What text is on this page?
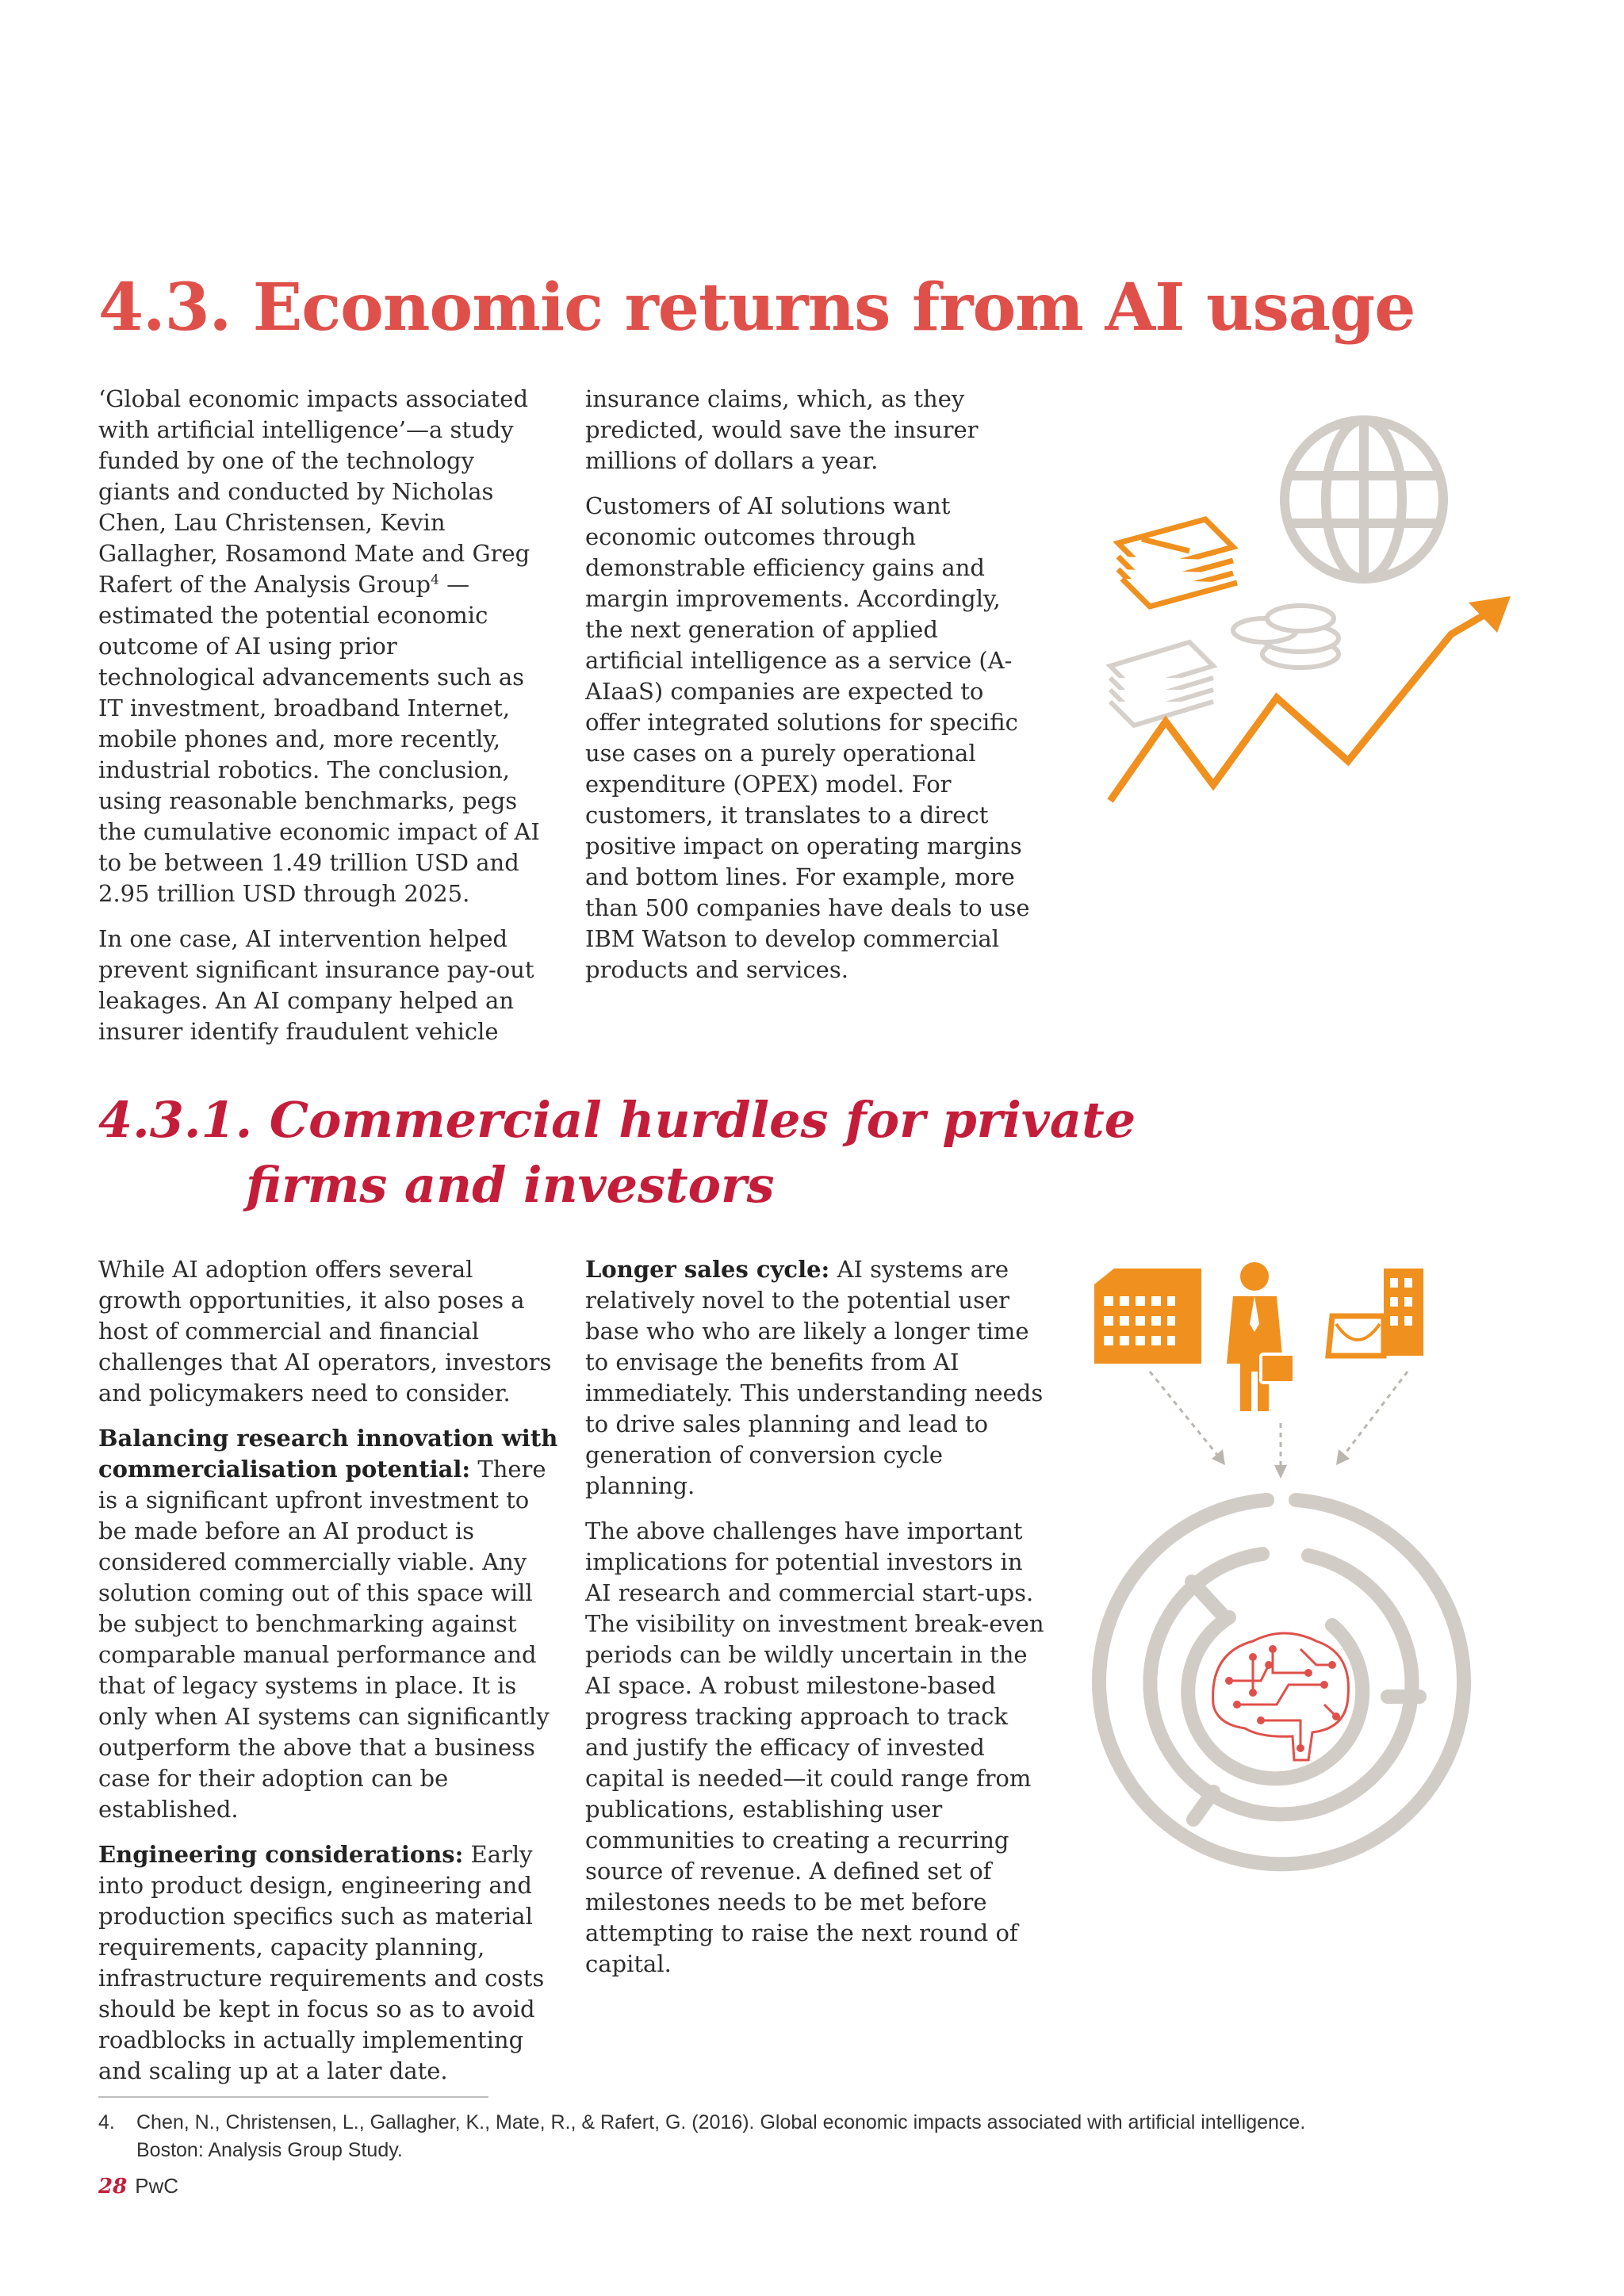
4.3. Economic returns from AI usage

‘Global economic impacts associated with artificial intelligence’—a study funded by one of the technology giants and conducted by Nicholas Chen, Lau Christensen, Kevin Gallagher, Rosamond Mate and Greg Rafert of the Analysis Group$^4$ —estimated the potential economic outcome of AI using prior technological advancements such as IT investment, broadband Internet, mobile phones and, more recently, industrial robotics. The conclusion, using reasonable benchmarks, pegs the cumulative economic impact of AI to be between 1.49 trillion USD and 2.95 trillion USD through 2025.

In one case, AI intervention helped prevent significant insurance pay-out leakages. An AI company helped an insurer identify fraudulent vehicle

insurance claims, which, as they predicted, would save the insurer millions of dollars a year.

Customers of AI solutions want economic outcomes through demonstrable efficiency gains and margin improvements. Accordingly, the next generation of applied artificial intelligence as a service (A-AIaaS) companies are expected to offer integrated solutions for specific use cases on a purely operational expenditure (OPEX) model. For customers, it translates to a direct positive impact on operating margins and bottom lines. For example, more than 500 companies have deals to use IBM Watson to develop commercial products and services.

4.3.1. Commercial hurdles for private
firms and investors

While AI adoption offers several growth opportunities, it also poses a host of commercial and financial challenges that AI operators, investors and policymakers need to consider.

Balancing research innovation with commercialisation potential: There is a significant upfront investment to be made before an AI product is considered commercially viable. Any solution coming out of this space will be subject to benchmarking against comparable manual performance and that of legacy systems in place. It is only when AI systems can significantly outperform the above that a business case for their adoption can be established.

Engineering considerations: Early into product design, engineering and production specifics such as material requirements, capacity planning, infrastructure requirements and costs should be kept in focus so as to avoid roadblocks in actually implementing and scaling up at a later date.

Longer sales cycle: AI systems are relatively novel to the potential user base who who are likely a longer time to envisage the benefits from AI immediately. This understanding needs to drive sales planning and lead to generation of conversion cycle planning.

The above challenges have important implications for potential investors in AI research and commercial start-ups. The visibility on investment break-even periods can be wildly uncertain in the AI space. A robust milestone-based progress tracking approach to track and justify the efficacy of invested capital is needed—it could range from publications, establishing user communities to creating a recurring source of revenue. A defined set of milestones needs to be met before attempting to raise the next round of capital.

4. Chen, N., Christensen, L., Gallagher, K., Mate, R., & Rafert, G. (2016). Global economic impacts associated with artificial intelligence. Boston: Analysis Group Study.
28 PwC
